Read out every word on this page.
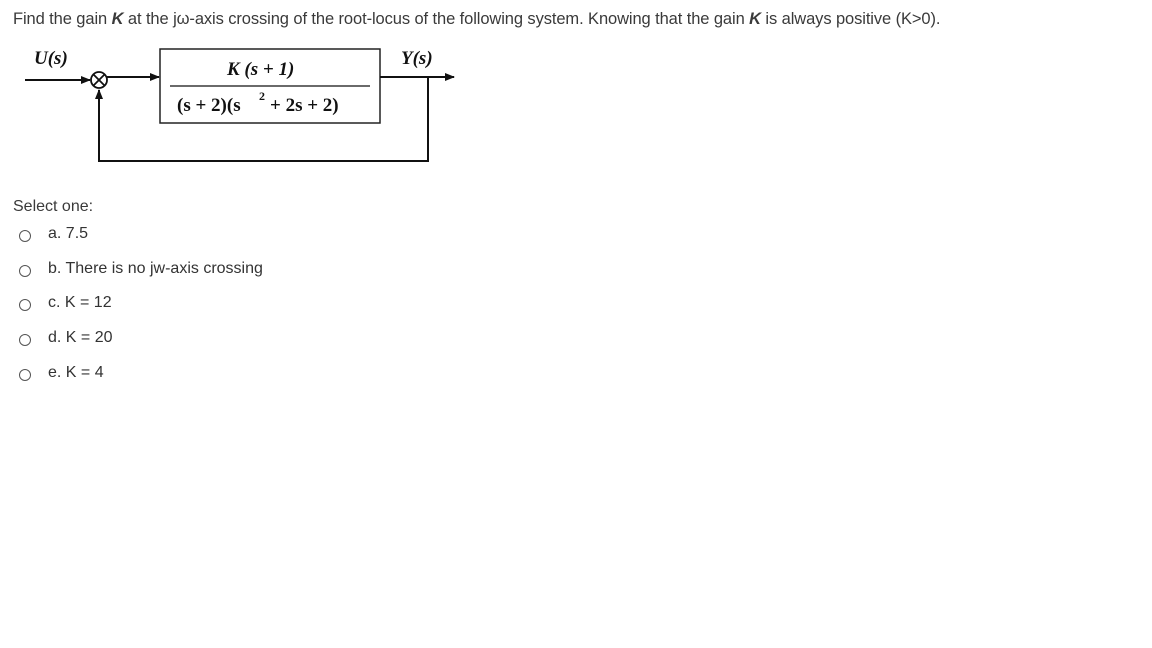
Find the gain K at the jω-axis crossing of the root-locus of the following system. Knowing that the gain K is always positive (K>0).
U(s)
K (s + 1)
(s + 2)(s 2 + 2s + 2)
Y(s)
Select one:
a. 7.5
b. There is no jw-axis crossing
c. K = 12
d. K = 20
e. K = 4
